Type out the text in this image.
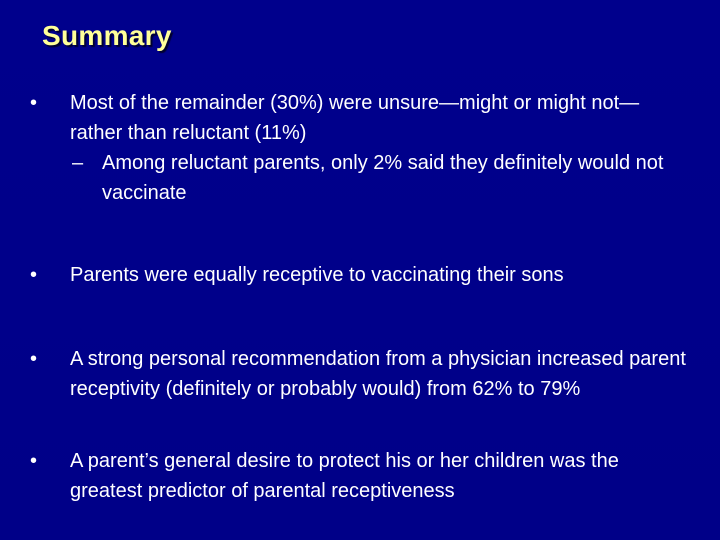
Summary
•	Most of the remainder (30%) were unsure—might or might not—rather than reluctant (11%)
– Among reluctant parents, only 2% said they definitely would not vaccinate
•	Parents were equally receptive to vaccinating their sons
•	A strong personal recommendation from a physician increased parent receptivity (definitely or probably would) from 62% to 79%
•	A parent’s general desire to protect his or her children was the greatest predictor of parental receptiveness
